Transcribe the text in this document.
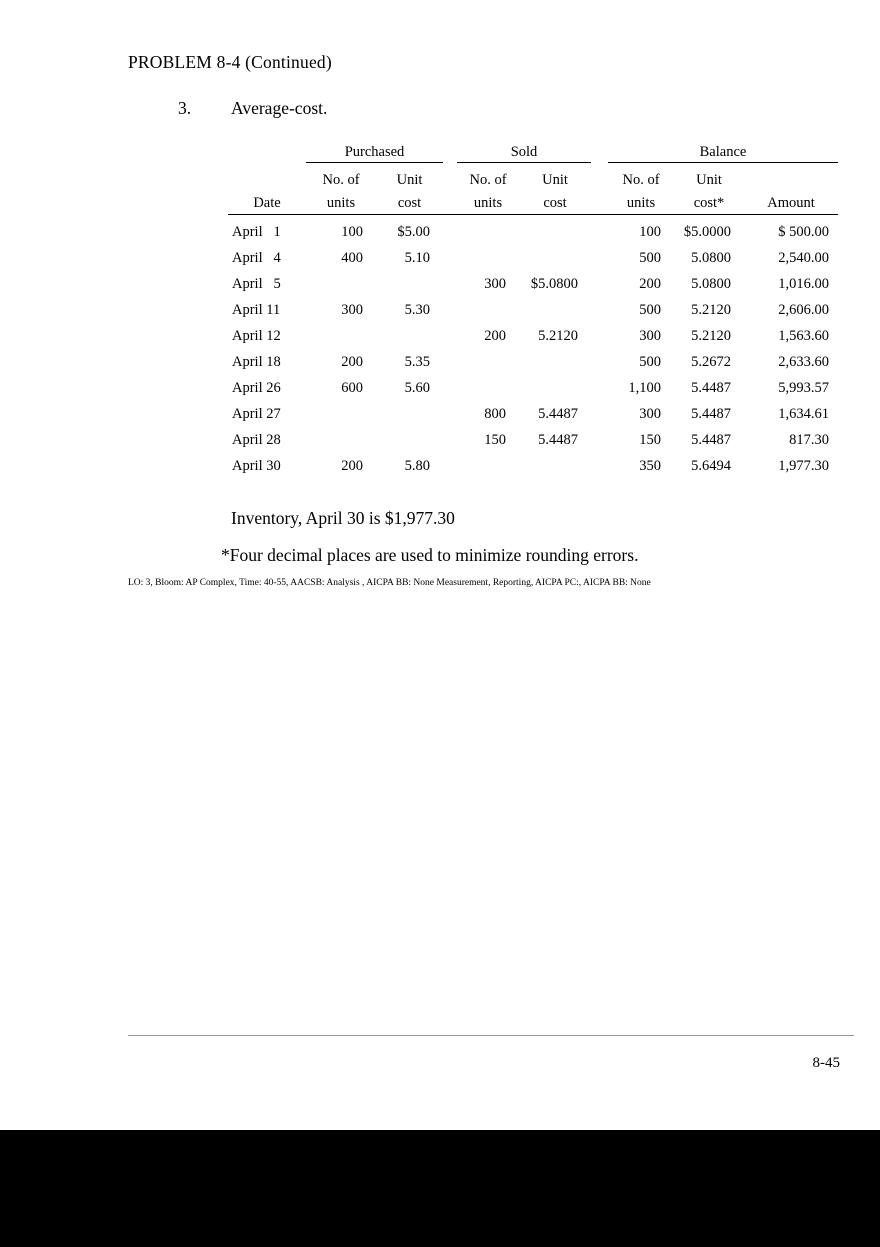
PROBLEM 8-4 (Continued)
3. Average-cost.
	Purchased			Sold			Balance		
	No. of	Unit		No. of	Unit		No. of	Unit	
Date	units	cost		units	cost		units	cost*	Amount
April   1	100	$5.00					100	$5.0000	$ 500.00
April   4	400	5.10					500	5.0800	2,540.00
April   5				300	$5.0800		200	5.0800	1,016.00
April 11	300	5.30					500	5.2120	2,606.00
April 12				200	5.2120		300	5.2120	1,563.60
April 18	200	5.35					500	5.2672	2,633.60
April 26	600	5.60					1,100	5.4487	5,993.57
April 27				800	5.4487		300	5.4487	1,634.61
April 28				150	5.4487		150	5.4487	817.30
April 30	200	5.80					350	5.6494	1,977.30
Inventory, April 30 is $1,977.30
*Four decimal places are used to minimize rounding errors.
LO: 3, Bloom: AP Complex, Time: 40-55, AACSB: Analysis , AICPA BB: None Measurement, Reporting, AICPA PC:, AICPA BB: None
8-45
